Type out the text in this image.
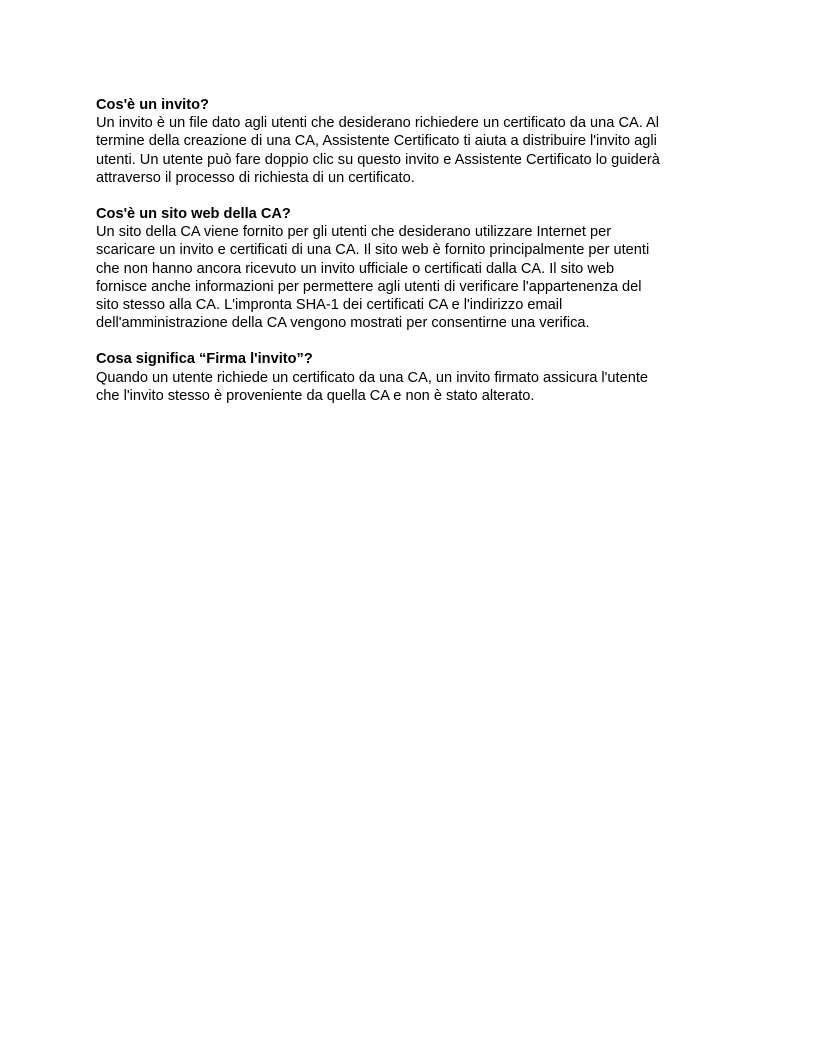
Cos'è un invito?

Un invito è un file dato agli utenti che desiderano richiedere un certificato da una CA. Al
termine della creazione di una CA, Assistente Certificato ti aiuta a distribuire l'invito agli
utenti. Un utente può fare doppio clic su questo invito e Assistente Certificato lo guiderà
attraverso il processo di richiesta di un certificato.

Cos'è un sito web della CA?

Un sito della CA viene fornito per gli utenti che desiderano utilizzare Internet per
scaricare un invito e certificati di una CA. Il sito web è fornito principalmente per utenti
che non hanno ancora ricevuto un invito ufficiale o certificati dalla CA. Il sito web
fornisce anche informazioni per permettere agli utenti di verificare l'appartenenza del
sito stesso alla CA. L'impronta SHA-1 dei certificati CA e l'indirizzo email
dell'amministrazione della CA vengono mostrati per consentirne una verifica.

Cosa significa “Firma l'invito”?

Quando un utente richiede un certificato da una CA, un invito firmato assicura l'utente
che l'invito stesso è proveniente da quella CA e non è stato alterato.
